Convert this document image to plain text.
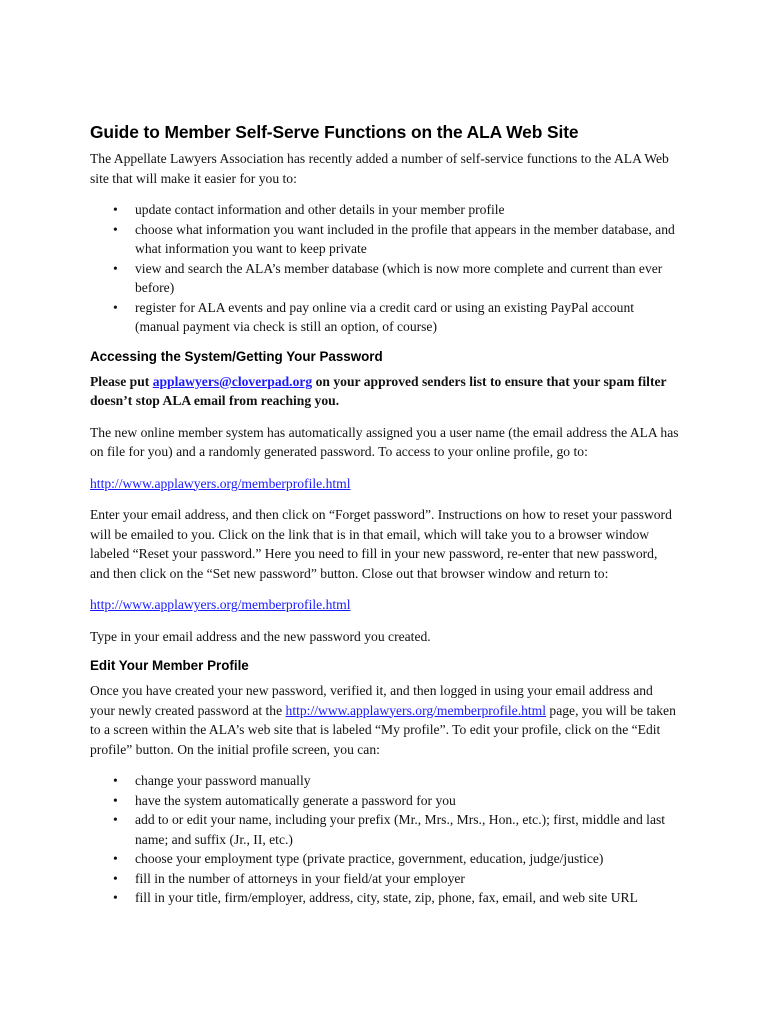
Guide to Member Self-Serve Functions on the ALA Web Site

The Appellate Lawyers Association has recently added a number of self-service functions to the ALA Web site that will make it easier for you to:

• update contact information and other details in your member profile
• choose what information you want included in the profile that appears in the member database, and what information you want to keep private
• view and search the ALA’s member database (which is now more complete and current than ever before)
• register for ALA events and pay online via a credit card or using an existing PayPal account (manual payment via check is still an option, of course)
Accessing the System/Getting Your Password

Please put applawyers@cloverpad.org on your approved senders list to ensure that your spam filter doesn’t stop ALA email from reaching you.

The new online member system has automatically assigned you a user name (the email address the ALA has on file for you) and a randomly generated password. To access to your online profile, go to:

http://www.applawyers.org/memberprofile.html

Enter your email address, and then click on “Forget password”. Instructions on how to reset your password will be emailed to you. Click on the link that is in that email, which will take you to a browser window labeled “Reset your password.” Here you need to fill in your new password, re-enter that new password, and then click on the “Set new password” button. Close out that browser window and return to:

http://www.applawyers.org/memberprofile.html

Type in your email address and the new password you created.

Edit Your Member Profile

Once you have created your new password, verified it, and then logged in using your email address and your newly created password at the http://www.applawyers.org/memberprofile.html page, you will be taken to a screen within the ALA’s web site that is labeled “My profile”. To edit your profile, click on the “Edit profile” button. On the initial profile screen, you can:

• change your password manually
• have the system automatically generate a password for you
• add to or edit your name, including your prefix (Mr., Mrs., Mrs., Hon., etc.); first, middle and last name; and suffix (Jr., II, etc.)
• choose your employment type (private practice, government, education, judge/justice)
• fill in the number of attorneys in your field/at your employer
• fill in your title, firm/employer, address, city, state, zip, phone, fax, email, and web site URL
